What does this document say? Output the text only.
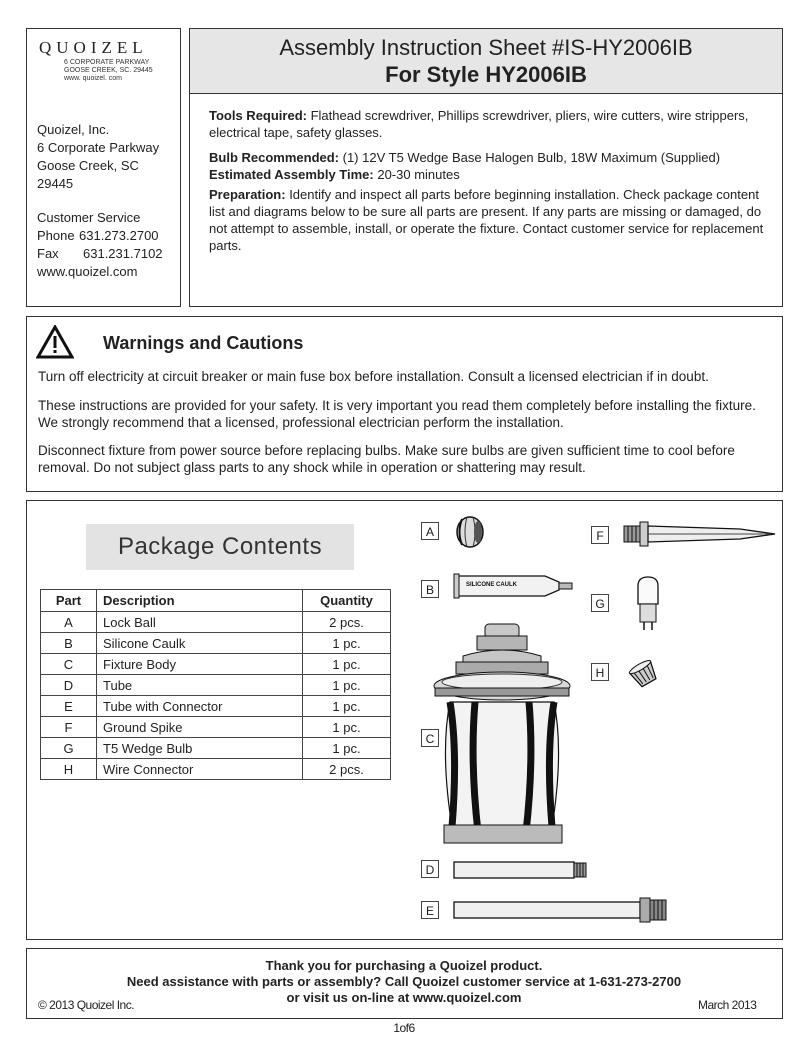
QUOIZEL
6 CORPORATE PARKWAY
GOOSE CREEK, SC. 29445
www. quoizel. com
Quoizel, Inc.
6 Corporate Parkway
Goose Creek, SC
29445
Customer Service
Phone 631.273.2700
Fax 631.231.7102
www.quoizel.com
Assembly Instruction Sheet #IS-HY2006IB
For Style HY2006IB
Tools Required: Flathead screwdriver, Phillips screwdriver, pliers, wire cutters, wire strippers, electrical tape, safety glasses.
Bulb Recommended: (1) 12V T5 Wedge Base Halogen Bulb, 18W Maximum (Supplied)
Estimated Assembly Time: 20-30 minutes
Preparation: Identify and inspect all parts before beginning installation. Check package content list and diagrams below to be sure all parts are present. If any parts are missing or damaged, do not attempt to assemble, install, or operate the fixture. Contact customer service for replacement parts.
Warnings and Cautions
Turn off electricity at circuit breaker or main fuse box before installation. Consult a licensed electrician if in doubt.
These instructions are provided for your safety. It is very important you read them completely before installing the fixture. We strongly recommend that a licensed, professional electrician perform the installation.
Disconnect fixture from power source before replacing bulbs. Make sure bulbs are given sufficient time to cool before removal. Do not subject glass parts to any shock while in operation or shattering may result.
Package Contents
Part	Description	Quantity
A	Lock Ball	2 pcs.
B	Silicone Caulk	1 pc.
C	Fixture Body	1 pc.
D	Tube	1 pc.
E	Tube with Connector	1 pc.
F	Ground Spike	1 pc.
G	T5 Wedge Bulb	1 pc.
H	Wire Connector	2 pcs.
A
B
C
D
E
F
G
H
SILICONE CAULK
Thank you for purchasing a Quoizel product.
Need assistance with parts or assembly? Call Quoizel customer service at 1-631-273-2700
or visit us on-line at www.quoizel.com
© 2013 Quoizel Inc.	March 2013
1of6
